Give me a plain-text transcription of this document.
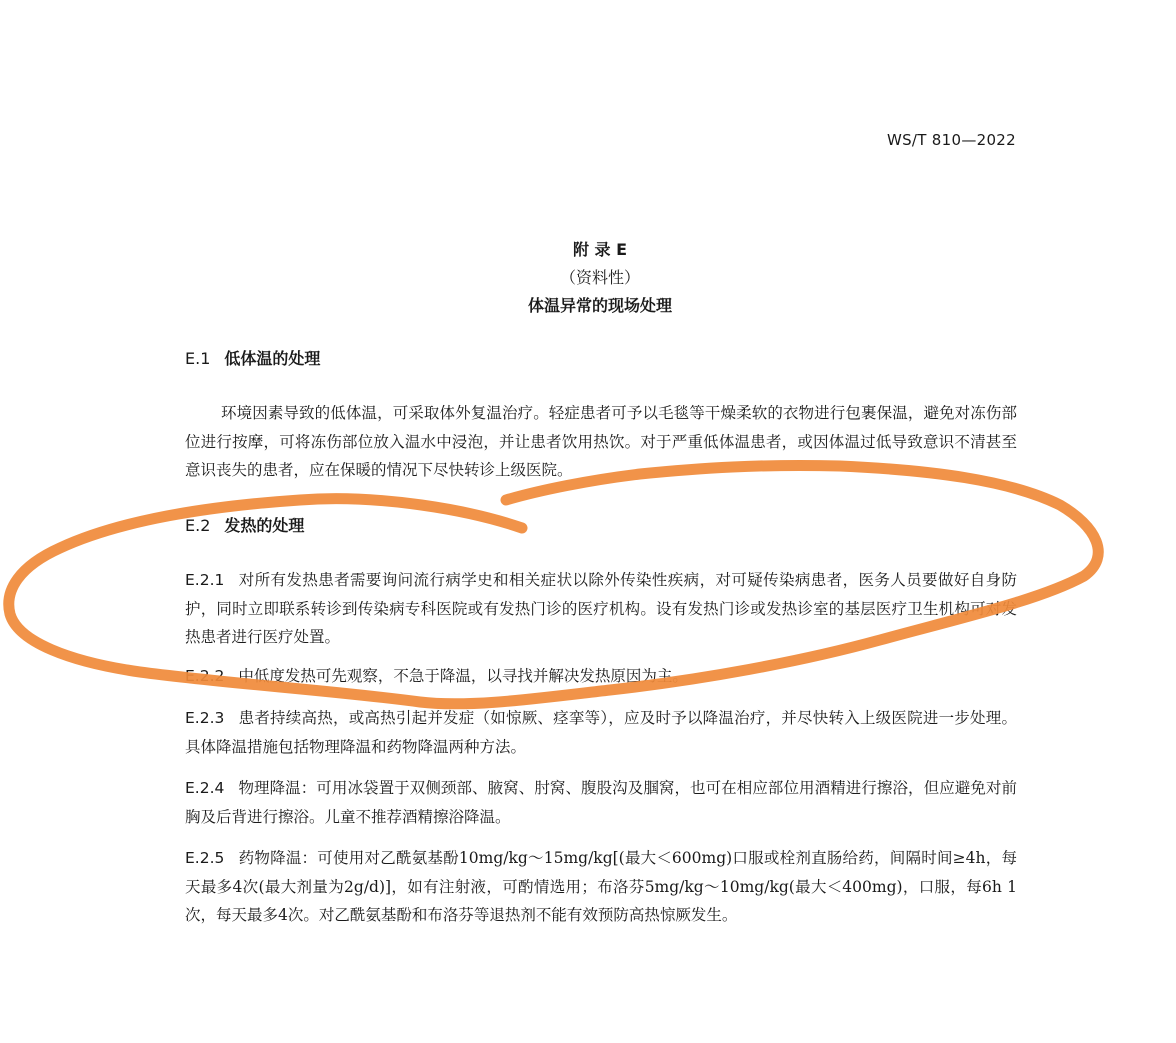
WS/T 810—2022
附 录 E
（资料性）
体温异常的现场处理
E.1 低体温的处理

环境因素导致的低体温，可采取体外复温治疗。轻症患者可予以毛毯等干燥柔软的衣物进行包裹保温，避免对冻伤部位进行按摩，可将冻伤部位放入温水中浸泡，并让患者饮用热饮。对于严重低体温患者，或因体温过低导致意识不清甚至意识丧失的患者，应在保暖的情况下尽快转诊上级医院。

E.2 发热的处理

E.2.1 对所有发热患者需要询问流行病学史和相关症状以除外传染性疾病，对可疑传染病患者，医务人员要做好自身防护，同时立即联系转诊到传染病专科医院或有发热门诊的医疗机构。设有发热门诊或发热诊室的基层医疗卫生机构可对发热患者进行医疗处置。

E.2.2 中低度发热可先观察，不急于降温，以寻找并解决发热原因为主。

E.2.3 患者持续高热，或高热引起并发症（如惊厥、痉挛等），应及时予以降温治疗，并尽快转入上级医院进一步处理。具体降温措施包括物理降温和药物降温两种方法。

E.2.4 物理降温：可用冰袋置于双侧颈部、腋窝、肘窝、腹股沟及腘窝，也可在相应部位用酒精进行擦浴，但应避免对前胸及后背进行擦浴。儿童不推荐酒精擦浴降温。

E.2.5 药物降温：可使用对乙酰氨基酚10mg/kg～15mg/kg[(最大＜600mg)口服或栓剂直肠给药，间隔时间≥4h，每天最多4次(最大剂量为2g/d)]，如有注射液，可酌情选用；布洛芬5mg/kg～10mg/kg(最大＜400mg)，口服，每6h 1次，每天最多4次。对乙酰氨基酚和布洛芬等退热剂不能有效预防高热惊厥发生。
